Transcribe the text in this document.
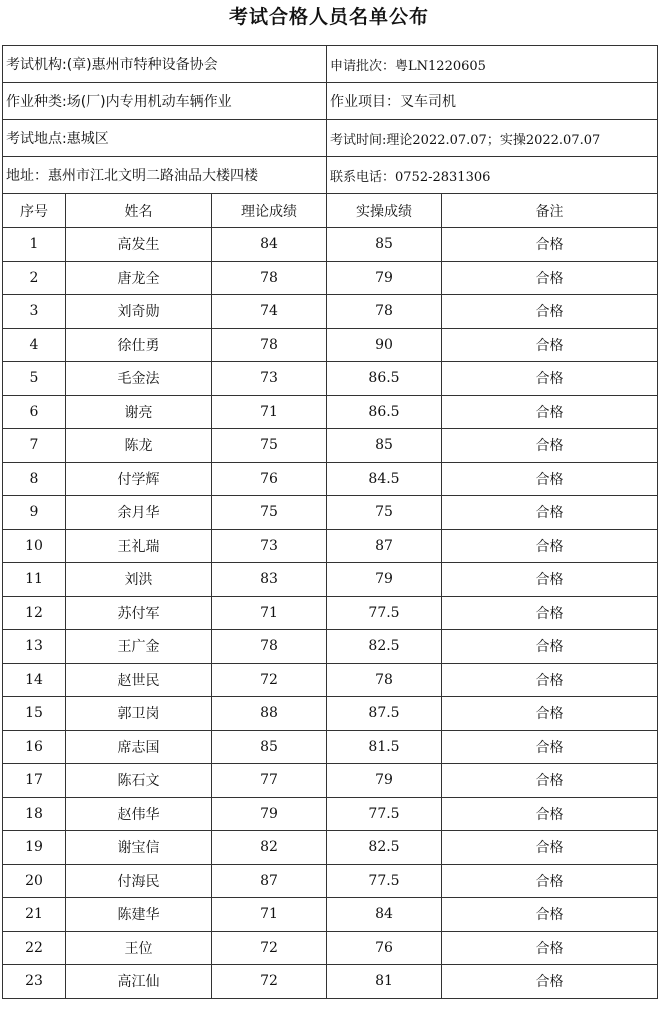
考试合格人员名单公布
考试机构:(章)惠州市特种设备协会			申请批次：粤LN1220605	
作业种类:场(厂)内专用机动车辆作业			作业项目：叉车司机	
考试地点:惠城区			考试时间:理论2022.07.07；实操2022.07.07	
地址：惠州市江北文明二路油品大楼四楼			联系电话：0752-2831306	
序号	姓名	理论成绩	实操成绩	备注
1	高发生	84	85	合格
2	唐龙全	78	79	合格
3	刘奇勋	74	78	合格
4	徐仕勇	78	90	合格
5	毛金法	73	86.5	合格
6	谢亮	71	86.5	合格
7	陈龙	75	85	合格
8	付学辉	76	84.5	合格
9	余月华	75	75	合格
10	王礼瑞	73	87	合格
11	刘洪	83	79	合格
12	苏付军	71	77.5	合格
13	王广金	78	82.5	合格
14	赵世民	72	78	合格
15	郭卫岗	88	87.5	合格
16	席志国	85	81.5	合格
17	陈石文	77	79	合格
18	赵伟华	79	77.5	合格
19	谢宝信	82	82.5	合格
20	付海民	87	77.5	合格
21	陈建华	71	84	合格
22	王位	72	76	合格
23	高江仙	72	81	合格
